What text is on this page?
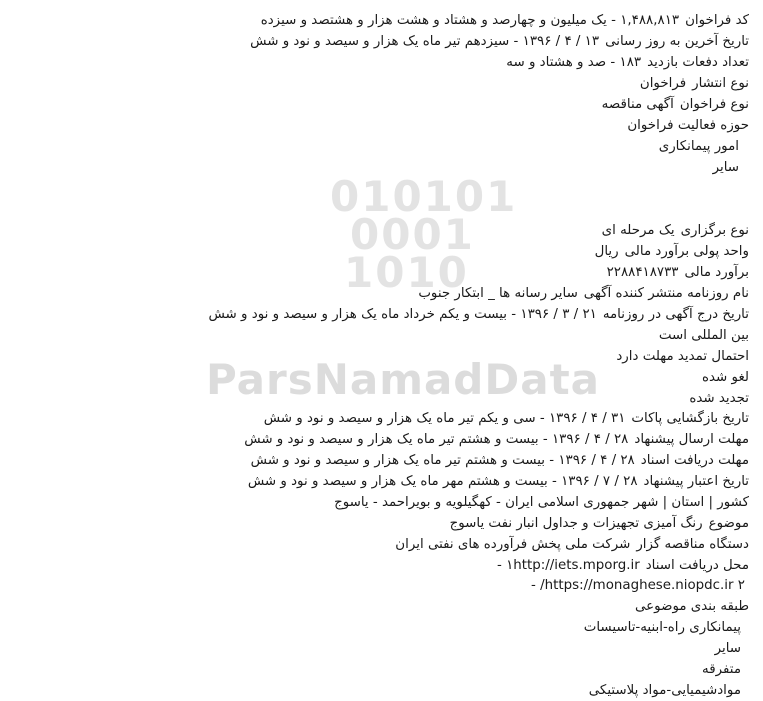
010101
0001
1010
ParsNamadData
کد فراخوان۱,۴۸۸,۸۱۳ - یک میلیون و چهارصد و هشتاد و هشت هزار و هشتصد و سیزده
تاریخ آخرین به روز رسانی۱۳ / ۴ / ۱۳۹۶ - سیزدهم تیر ماه یک هزار و سیصد و نود و شش
تعداد دفعات بازدید۱۸۳ - صد و هشتاد و سه
نوع انتشارفراخوان
نوع فراخوانآگهی مناقصه
حوزه فعالیت فراخوان
امور پیمانکاری
سایر
نوع برگزارییک مرحله ای
واحد پولی برآورد مالیریال
برآورد مالی۲۲۸۸۴۱۸۷۳۳
نام روزنامه منتشر کننده آگهیسایر رسانه ها _ ابتکار جنوب
تاریخ درج آگهی در روزنامه۲۱ / ۳ / ۱۳۹۶ - بیست و یکم خرداد ماه یک هزار و سیصد و نود و شش
بین المللی است
احتمال تمدید مهلت دارد
لغو شده
تجدید شده
تاریخ بازگشایی پاکات۳۱ / ۴ / ۱۳۹۶ - سی و یکم تیر ماه یک هزار و سیصد و نود و شش
مهلت ارسال پیشنهاد۲۸ / ۴ / ۱۳۹۶ - بیست و هشتم تیر ماه یک هزار و سیصد و نود و شش
مهلت دریافت اسناد۲۸ / ۴ / ۱۳۹۶ - بیست و هشتم تیر ماه یک هزار و سیصد و نود و شش
تاریخ اعتبار پیشنهاد۲۸ / ۷ / ۱۳۹۶ - بیست و هشتم مهر ماه یک هزار و سیصد و نود و شش
کشور | استان | شهر جمهوری اسلامی ایران - کهگیلویه و بویراحمد - یاسوج
موضوعرنگ آمیزی تجهیزات و جداول انبار نفت یاسوج
دستگاه مناقصه گزارشرکت ملی پخش فرآورده های نفتی ایران
محل دریافت اسناد۱http://iets.mporg.ir -
۲ https://monaghese.niopdc.ir/ -
طبقه بندی موضوعی
پیمانکاری راه-ابنیه-تاسیسات
سایر
متفرقه
موادشیمیایی-مواد پلاستیکی
